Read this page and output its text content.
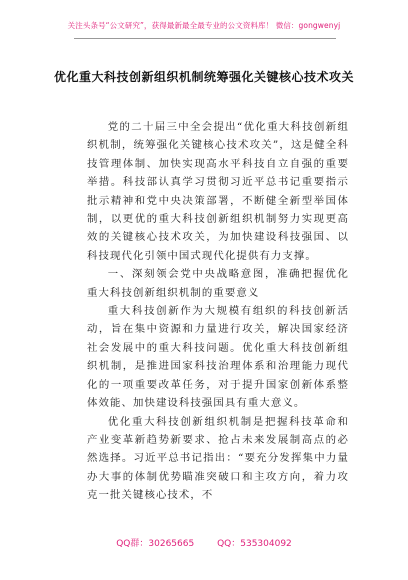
关注头条号“公文研究”，获得最新最全最专业的公文资料库！ 微信：gongwenyj
优化重大科技创新组织机制统筹强化关键核心技术攻关

党的二十届三中全会提出“优化重大科技创新组织机制，统筹强化关键核心技术攻关”，这是健全科技管理体制、加快实现高水平科技自立自强的重要举措。科技部认真学习贯彻习近平总书记重要指示批示精神和党中央决策部署，不断健全新型举国体制，以更优的重大科技创新组织机制努力实现更高效的关键核心技术攻关，为加快建设科技强国、以科技现代化引领中国式现代化提供有力支撑。

一、深刻领会党中央战略意图，准确把握优化重大科技创新组织机制的重要意义

重大科技创新作为大规模有组织的科技创新活动，旨在集中资源和力量进行攻关，解决国家经济社会发展中的重大科技问题。优化重大科技创新组织机制，是推进国家科技治理体系和治理能力现代化的一项重要改革任务，对于提升国家创新体系整体效能、加快建设科技强国具有重大意义。

优化重大科技创新组织机制是把握科技革命和产业变革新趋势新要求、抢占未来发展制高点的必然选择。习近平总书记指出：“要充分发挥集中力量办大事的体制优势瞄准突破口和主攻方向，着力攻克一批关键核心技术，不

QQ群：30265665	QQ：535304092
